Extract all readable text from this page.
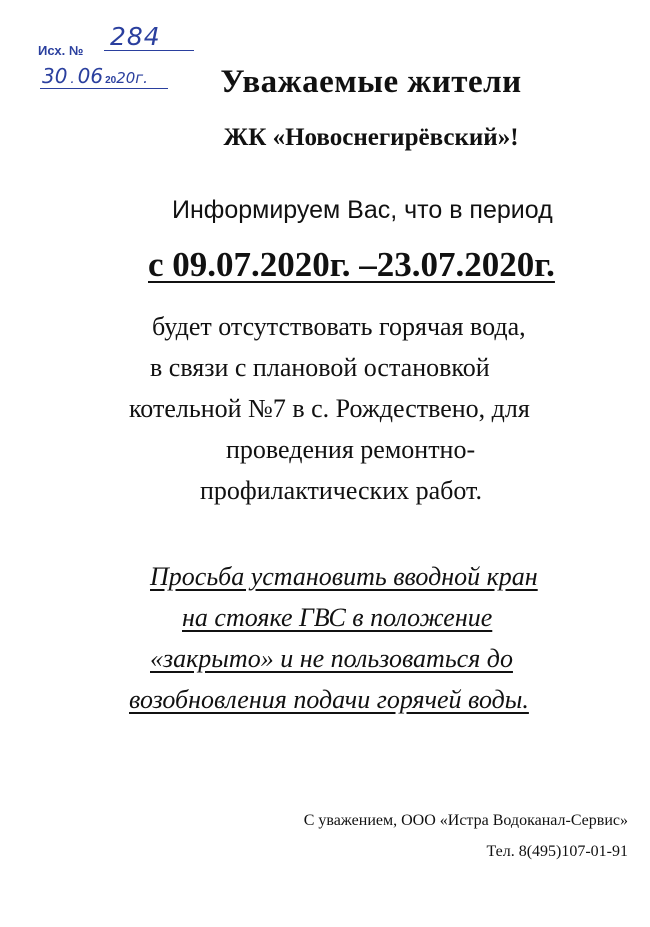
Исх. № 284
30 . 06 2020г.	Уважаемые жители
ЖК «Новоснегирёвский»!
Информируем Вас, что в период
с 09.07.2020г. –23.07.2020г.
будет отсутствовать горячая вода,
в связи с плановой остановкой
котельной №7 в с. Рождествено, для
проведения ремонтно-
профилактических работ.
Просьба установить вводной кран
на стояке ГВС в положение
«закрыто» и не пользоваться до
возобновления подачи горячей воды.
С уважением, ООО «Истра Водоканал-Сервис»
Тел. 8(495)107-01-91
